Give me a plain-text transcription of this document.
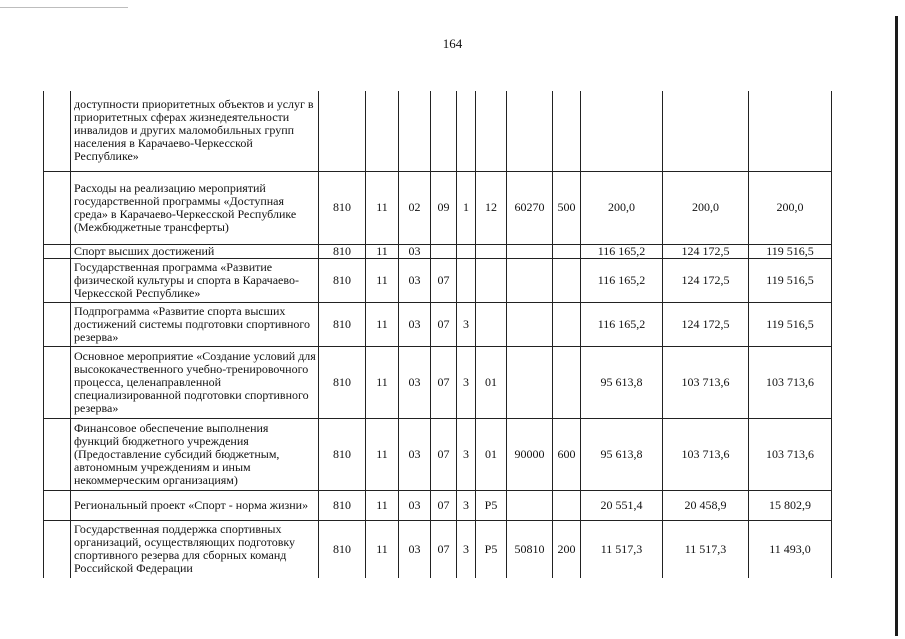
164
	доступности приоритетных объектов и услуг в приоритетных сферах жизнедеятельности инвалидов и других маломобильных групп населения в Карачаево-Черкесской Республике»											
	Расходы на реализацию мероприятий государственной программы «Доступная среда» в Карачаево-Черкесской Республике (Межбюджетные трансферты)	810	11	02	09	1	12	60270	500	200,0	200,0	200,0
	Спорт высших достижений	810	11	03						116 165,2	124 172,5	119 516,5
	Государственная программа «Развитие физической культуры и спорта в Карачаево-Черкесской Республике»	810	11	03	07					116 165,2	124 172,5	119 516,5
	Подпрограмма «Развитие спорта высших достижений системы подготовки спортивного резерва»	810	11	03	07	3				116 165,2	124 172,5	119 516,5
	Основное мероприятие «Создание условий для высококачественного учебно-тренировочного процесса, целенаправленной специализированной подготовки спортивного резерва»	810	11	03	07	3	01			95 613,8	103 713,6	103 713,6
	Финансовое обеспечение выполнения функций бюджетного учреждения (Предоставление субсидий бюджетным, автономным учреждениям и иным некоммерческим организациям)	810	11	03	07	3	01	90000	600	95 613,8	103 713,6	103 713,6
	Региональный проект «Спорт - норма жизни»	810	11	03	07	3	P5			20 551,4	20 458,9	15 802,9
	Государственная поддержка спортивных организаций, осуществляющих подготовку спортивного резерва для сборных команд Российской Федерации	810	11	03	07	3	P5	50810	200	11 517,3	11 517,3	11 493,0
